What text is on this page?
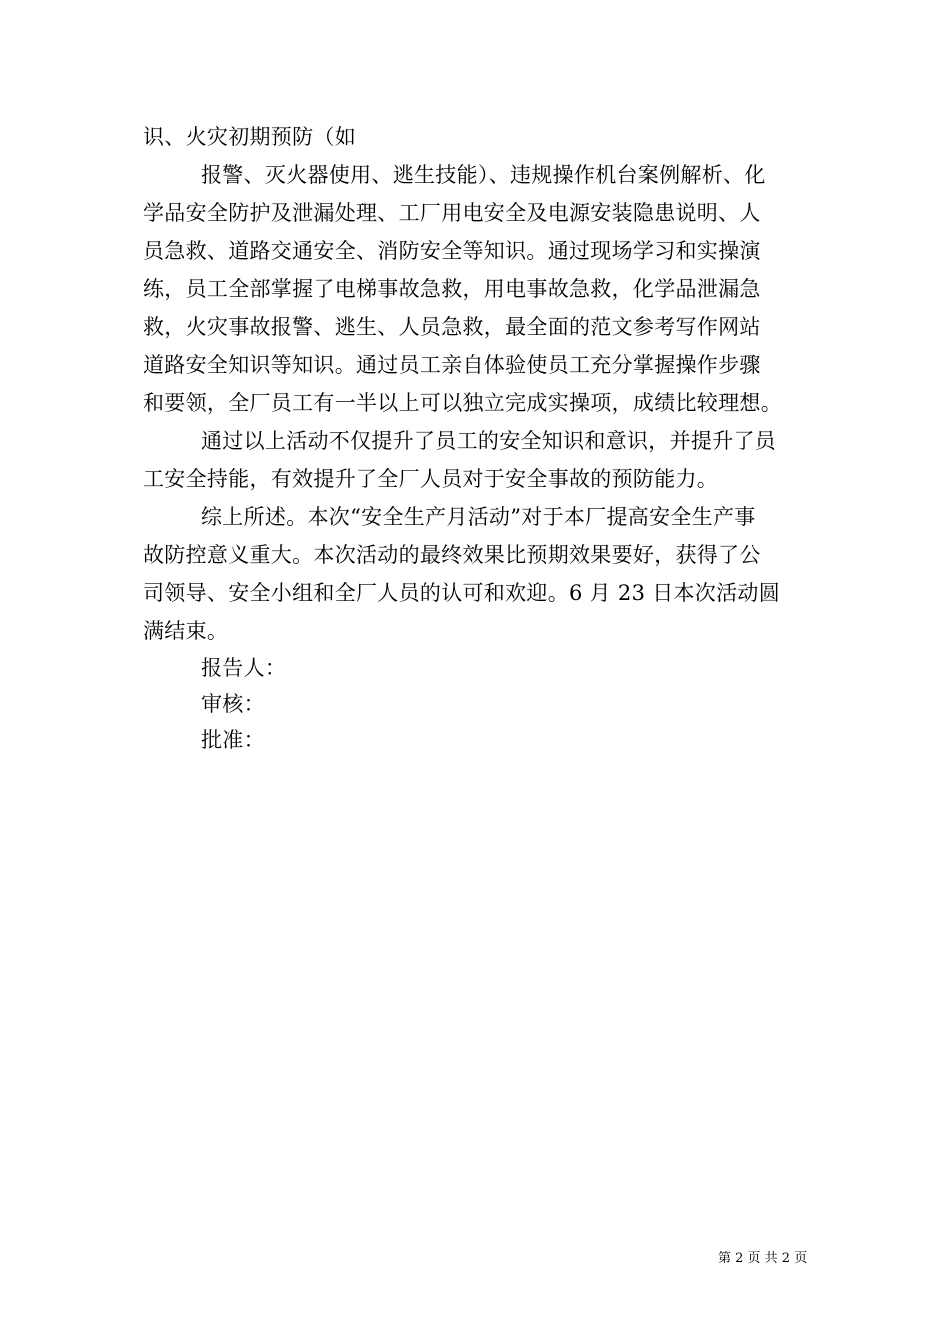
识、火灾初期预防（如
报警、灭火器使用、逃生技能）、违规操作机台案例解析、化
学品安全防护及泄漏处理、工厂用电安全及电源安装隐患说明、人
员急救、道路交通安全、消防安全等知识。通过现场学习和实操演
练，员工全部掌握了电梯事故急救，用电事故急救，化学品泄漏急
救，火灾事故报警、逃生、人员急救，最全面的范文参考写作网站
道路安全知识等知识。通过员工亲自体验使员工充分掌握操作步骤
和要领，全厂员工有一半以上可以独立完成实操项，成绩比较理想。
通过以上活动不仅提升了员工的安全知识和意识，并提升了员
工安全持能，有效提升了全厂人员对于安全事故的预防能力。
综上所述。本次“安全生产月活动”对于本厂提高安全生产事
故防控意义重大。本次活动的最终效果比预期效果要好，获得了公
司领导、安全小组和全厂人员的认可和欢迎。6 月 23 日本次活动圆
满结束。
报告人：
审核：
批准：
第 2 页 共 2 页
